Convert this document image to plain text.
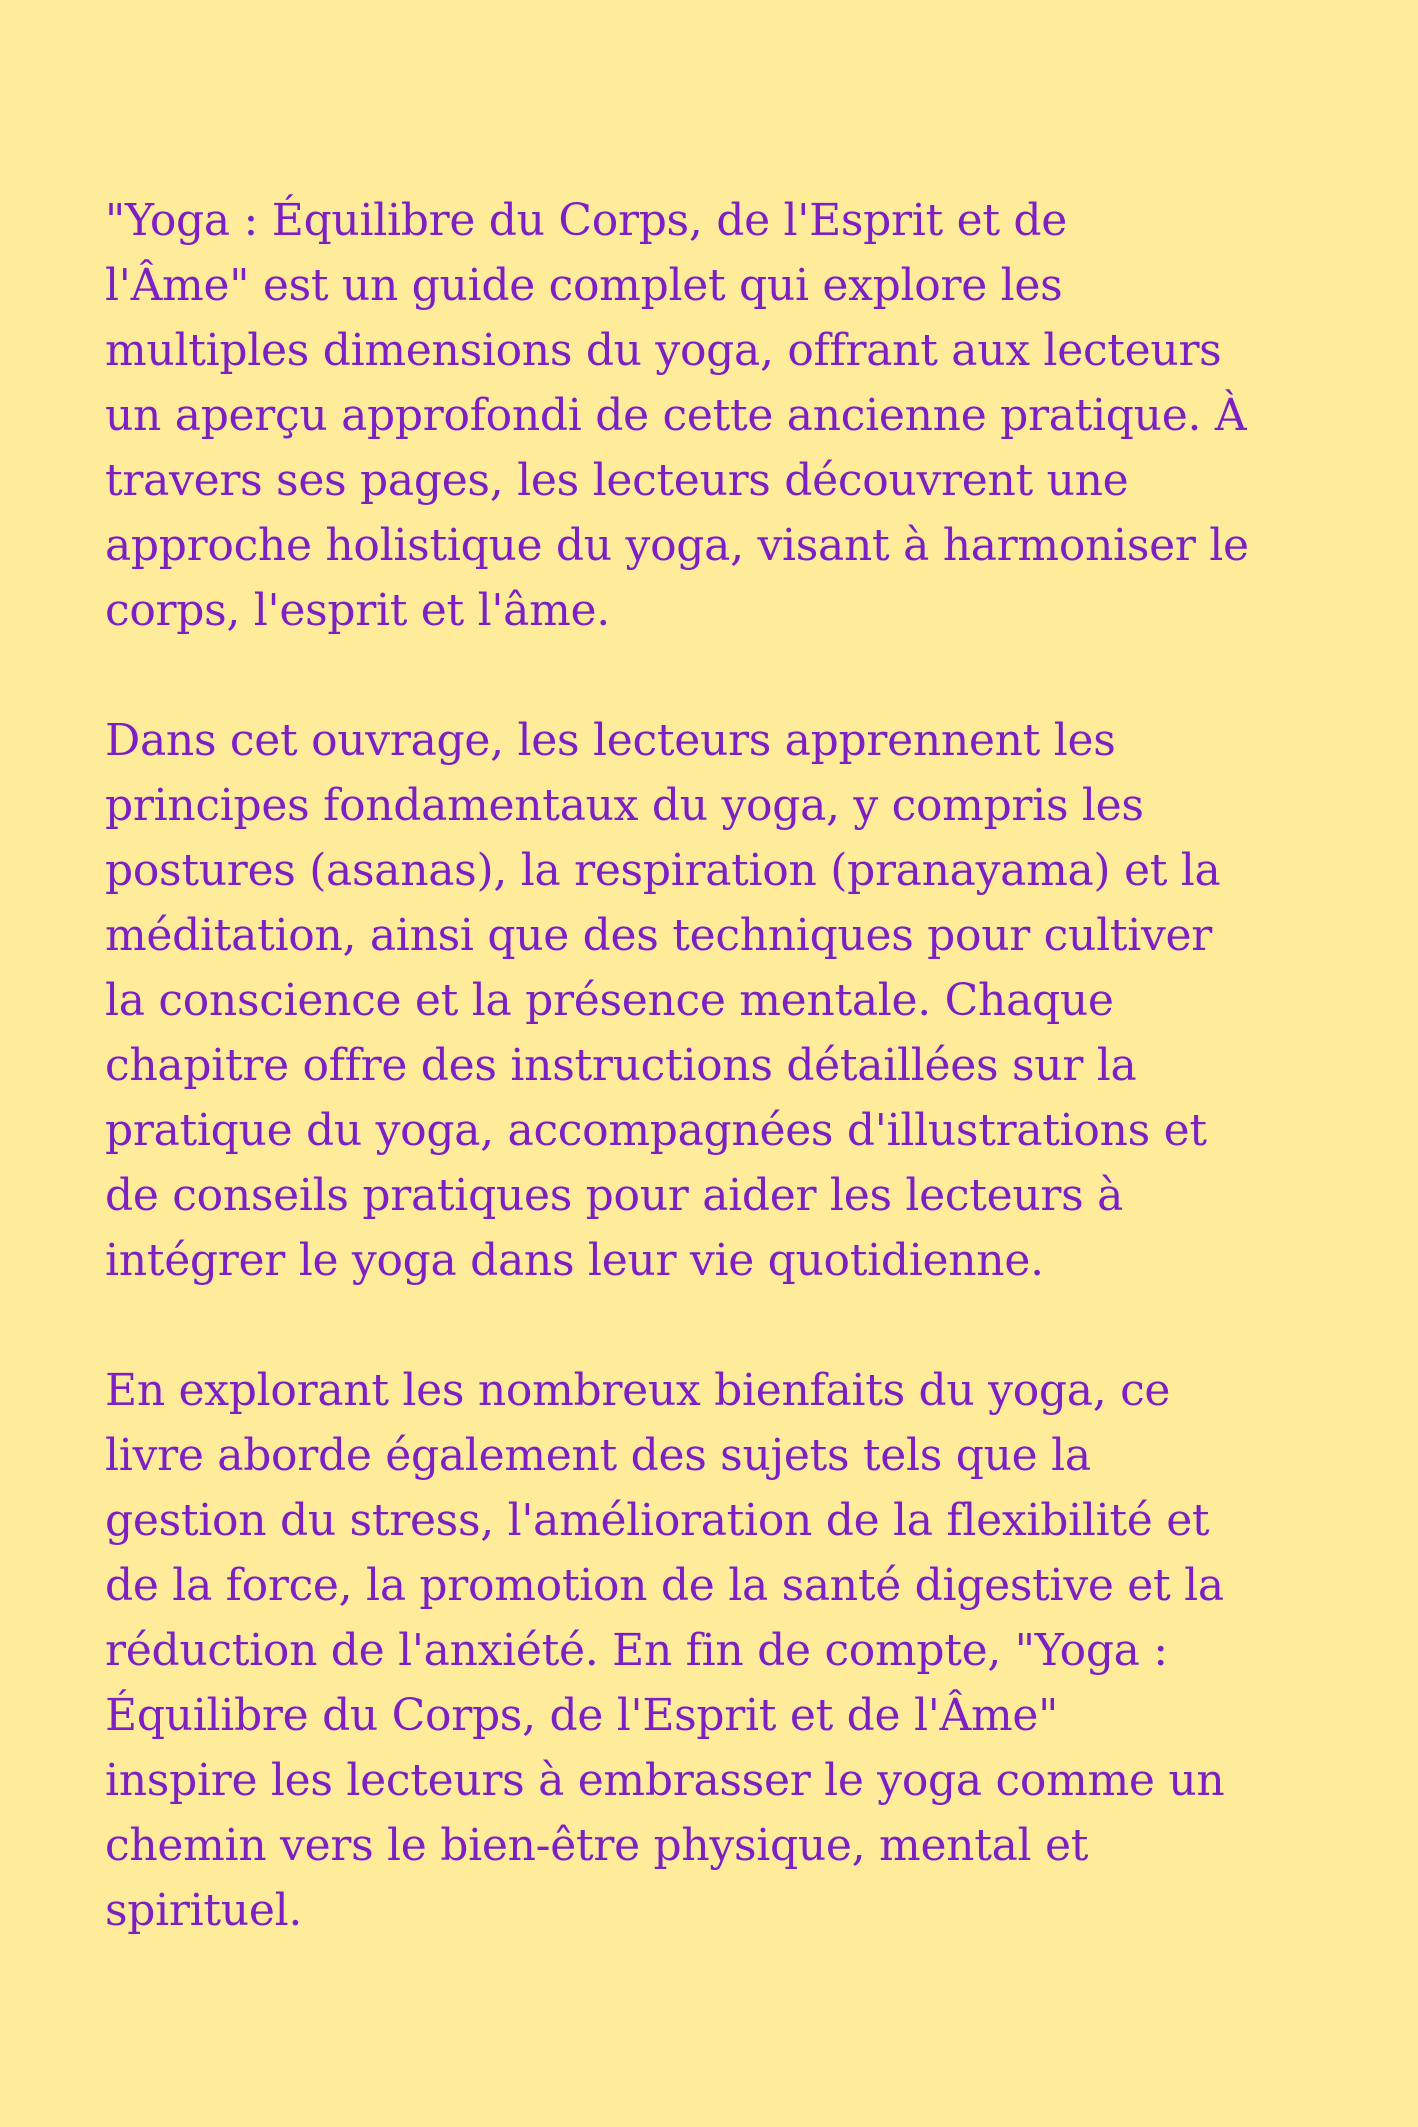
"Yoga : Équilibre du Corps, de l'Esprit et de
l'Âme" est un guide complet qui explore les
multiples dimensions du yoga, offrant aux lecteurs
un aperçu approfondi de cette ancienne pratique. À
travers ses pages, les lecteurs découvrent une
approche holistique du yoga, visant à harmoniser le
corps, l'esprit et l'âme.

Dans cet ouvrage, les lecteurs apprennent les
principes fondamentaux du yoga, y compris les
postures (asanas), la respiration (pranayama) et la
méditation, ainsi que des techniques pour cultiver
la conscience et la présence mentale. Chaque
chapitre offre des instructions détaillées sur la
pratique du yoga, accompagnées d'illustrations et
de conseils pratiques pour aider les lecteurs à
intégrer le yoga dans leur vie quotidienne.

En explorant les nombreux bienfaits du yoga, ce
livre aborde également des sujets tels que la
gestion du stress, l'amélioration de la flexibilité et
de la force, la promotion de la santé digestive et la
réduction de l'anxiété. En fin de compte, "Yoga :
Équilibre du Corps, de l'Esprit et de l'Âme"
inspire les lecteurs à embrasser le yoga comme un
chemin vers le bien-être physique, mental et
spirituel.
